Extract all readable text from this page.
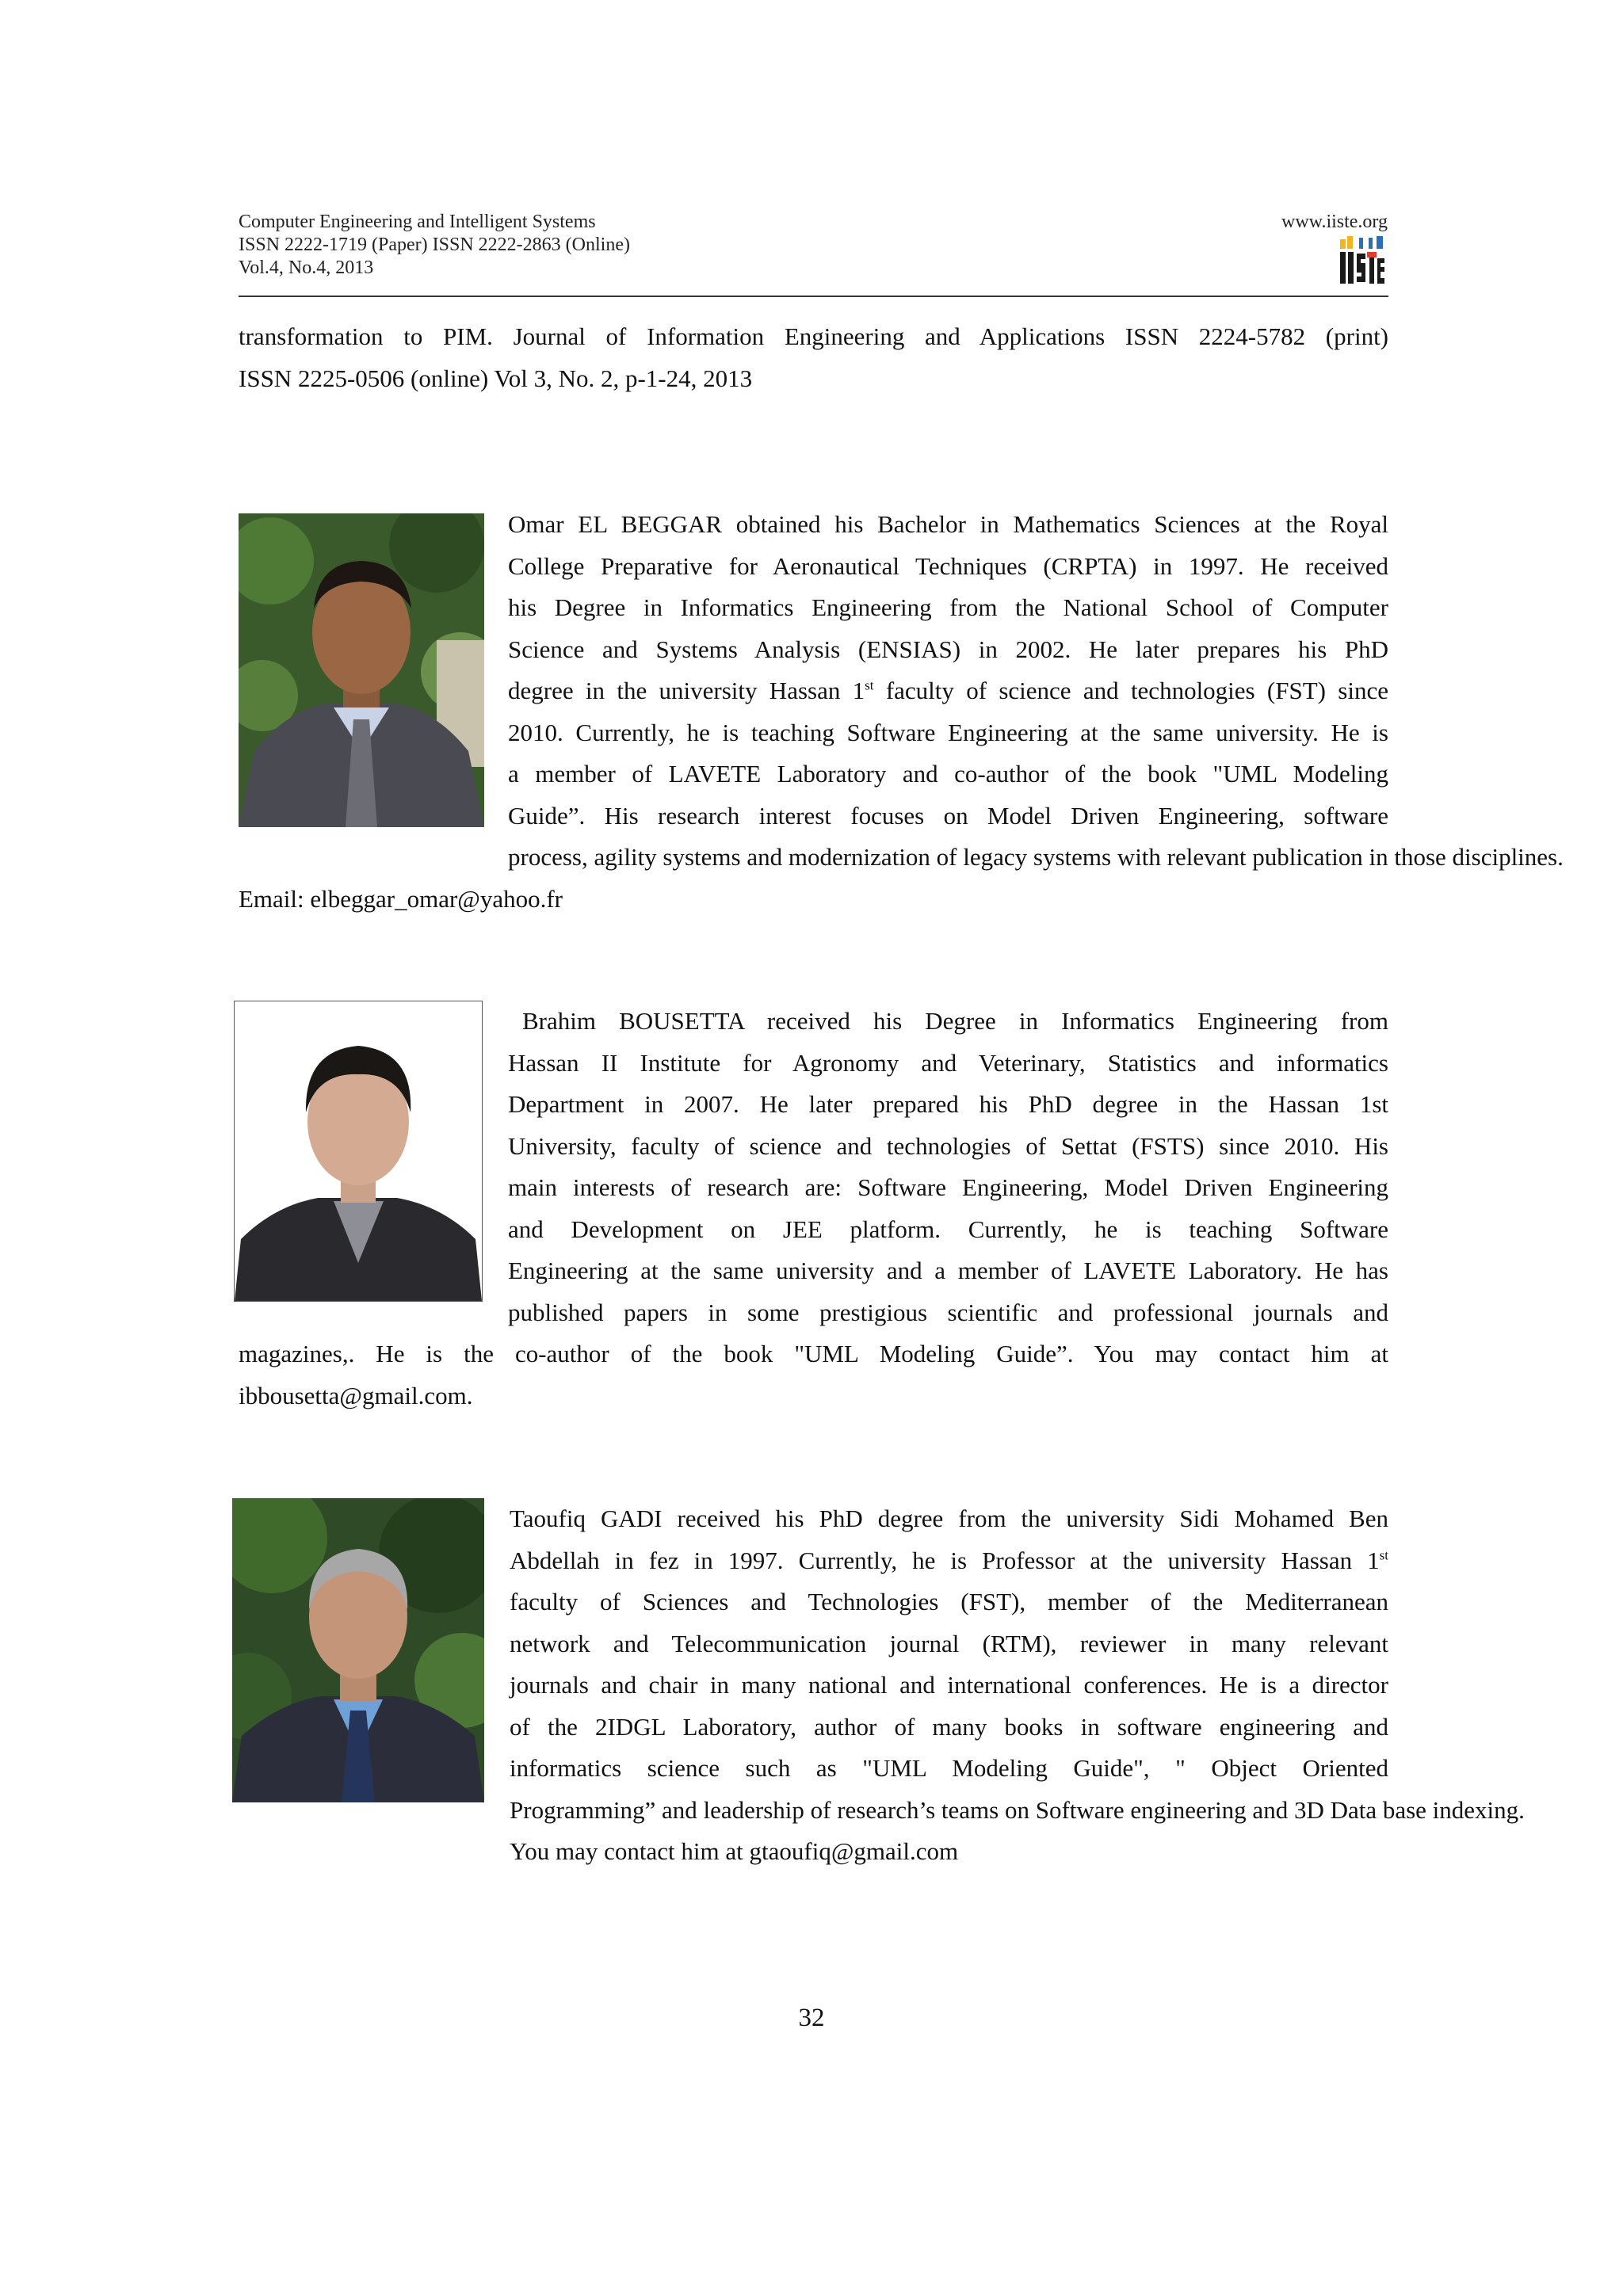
Computer Engineering and Intelligent Systems
ISSN 2222-1719 (Paper) ISSN 2222-2863 (Online)
Vol.4, No.4, 2013
www.iiste.org
transformation to PIM. Journal of Information Engineering and Applications ISSN 2224-5782 (print)
ISSN 2225-0506 (online) Vol 3, No. 2, p-1-24, 2013
Omar EL BEGGAR obtained his Bachelor in Mathematics Sciences at the Royal
College Preparative for Aeronautical Techniques (CRPTA) in 1997. He received
his Degree in Informatics Engineering from the National School of Computer
Science and Systems Analysis (ENSIAS) in 2002. He later prepares his PhD
degree in the university Hassan 1st faculty of science and technologies (FST) since
2010. Currently, he is teaching Software Engineering at the same university. He is
a member of LAVETE Laboratory and co-author of the book "UML Modeling
Guide”. His research interest focuses on Model Driven Engineering, software
process, agility systems and modernization of legacy systems with relevant publication in those disciplines.
Email: elbeggar_omar@yahoo.fr
Brahim BOUSETTA received his Degree in Informatics Engineering from
Hassan II Institute for Agronomy and Veterinary, Statistics and informatics
Department in 2007. He later prepared his PhD degree in the Hassan 1st
University, faculty of science and technologies of Settat (FSTS) since 2010. His
main interests of research are: Software Engineering, Model Driven Engineering
and Development on JEE platform. Currently, he is teaching Software
Engineering at the same university and a member of LAVETE Laboratory. He has
published papers in some prestigious scientific and professional journals and
magazines,. He is the co-author of the book "UML Modeling Guide”. You may contact him at
ibbousetta@gmail.com.
Taoufiq GADI received his PhD degree from the university Sidi Mohamed Ben
Abdellah in fez in 1997. Currently, he is Professor at the university Hassan 1st
faculty of Sciences and Technologies (FST), member of the Mediterranean
network and Telecommunication journal (RTM), reviewer in many relevant
journals and chair in many national and international conferences. He is a director
of the 2IDGL Laboratory, author of many books in software engineering and
informatics science such as "UML Modeling Guide", " Object Oriented
Programming” and leadership of research’s teams on Software engineering and 3D Data base indexing.
You may contact him at gtaoufiq@gmail.com
32
